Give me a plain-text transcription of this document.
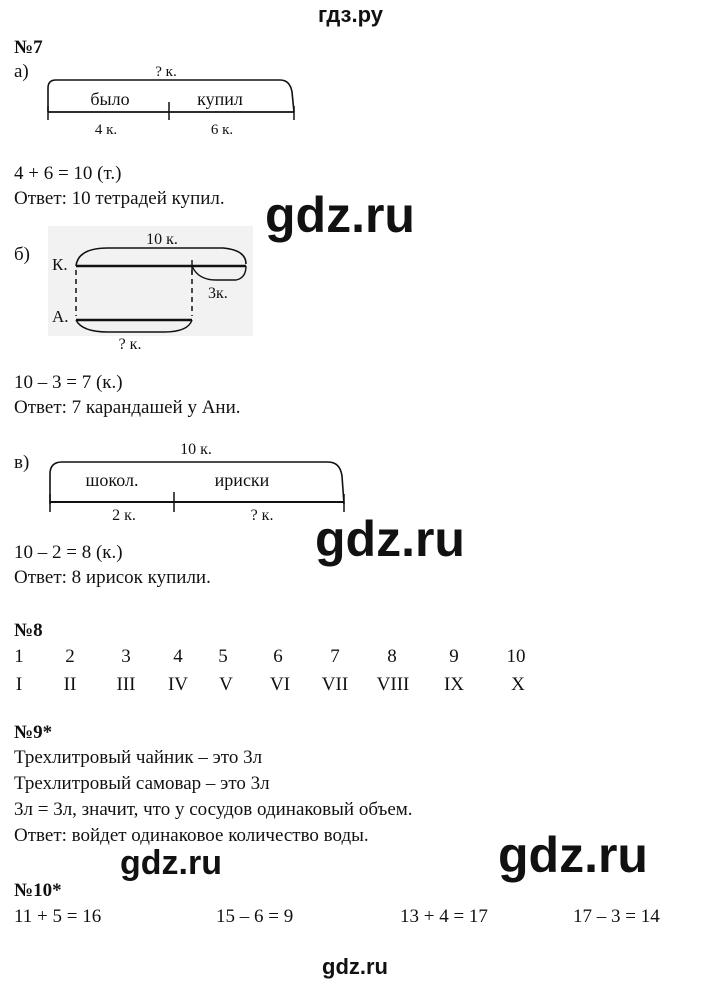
гдз.ру
№7
а)	? к.
было	купил
4 к.	6 к.
4 + 6 = 10 (т.)
Ответ: 10 тетрадей купил. gdz.ru
б)
10 к.
К.
3к.
А.
? к.
10 – 3 = 7 (к.)
Ответ: 7 карандашей у Ани.
в)
10 к.
шокол.	ириски
2 к.	? к. gdz.ru
10 – 2 = 8 (к.)
Ответ: 8 ирисок купили.
№8
1 2 3 4 5 6	7	8	9	10
I II III IV V VI VII VIII IX X
№9*
Трехлитровый чайник – это 3л
Трехлитровый самовар – это 3л
3л = 3л, значит, что у сосудов одинаковый объем.
Ответ: войдет одинаковое количество воды.
gdz.ru	gdz.ru
№10*
11 + 5 = 16	15 – 6 = 9	13 + 4 = 17	17 – 3 = 14
gdz.ru
